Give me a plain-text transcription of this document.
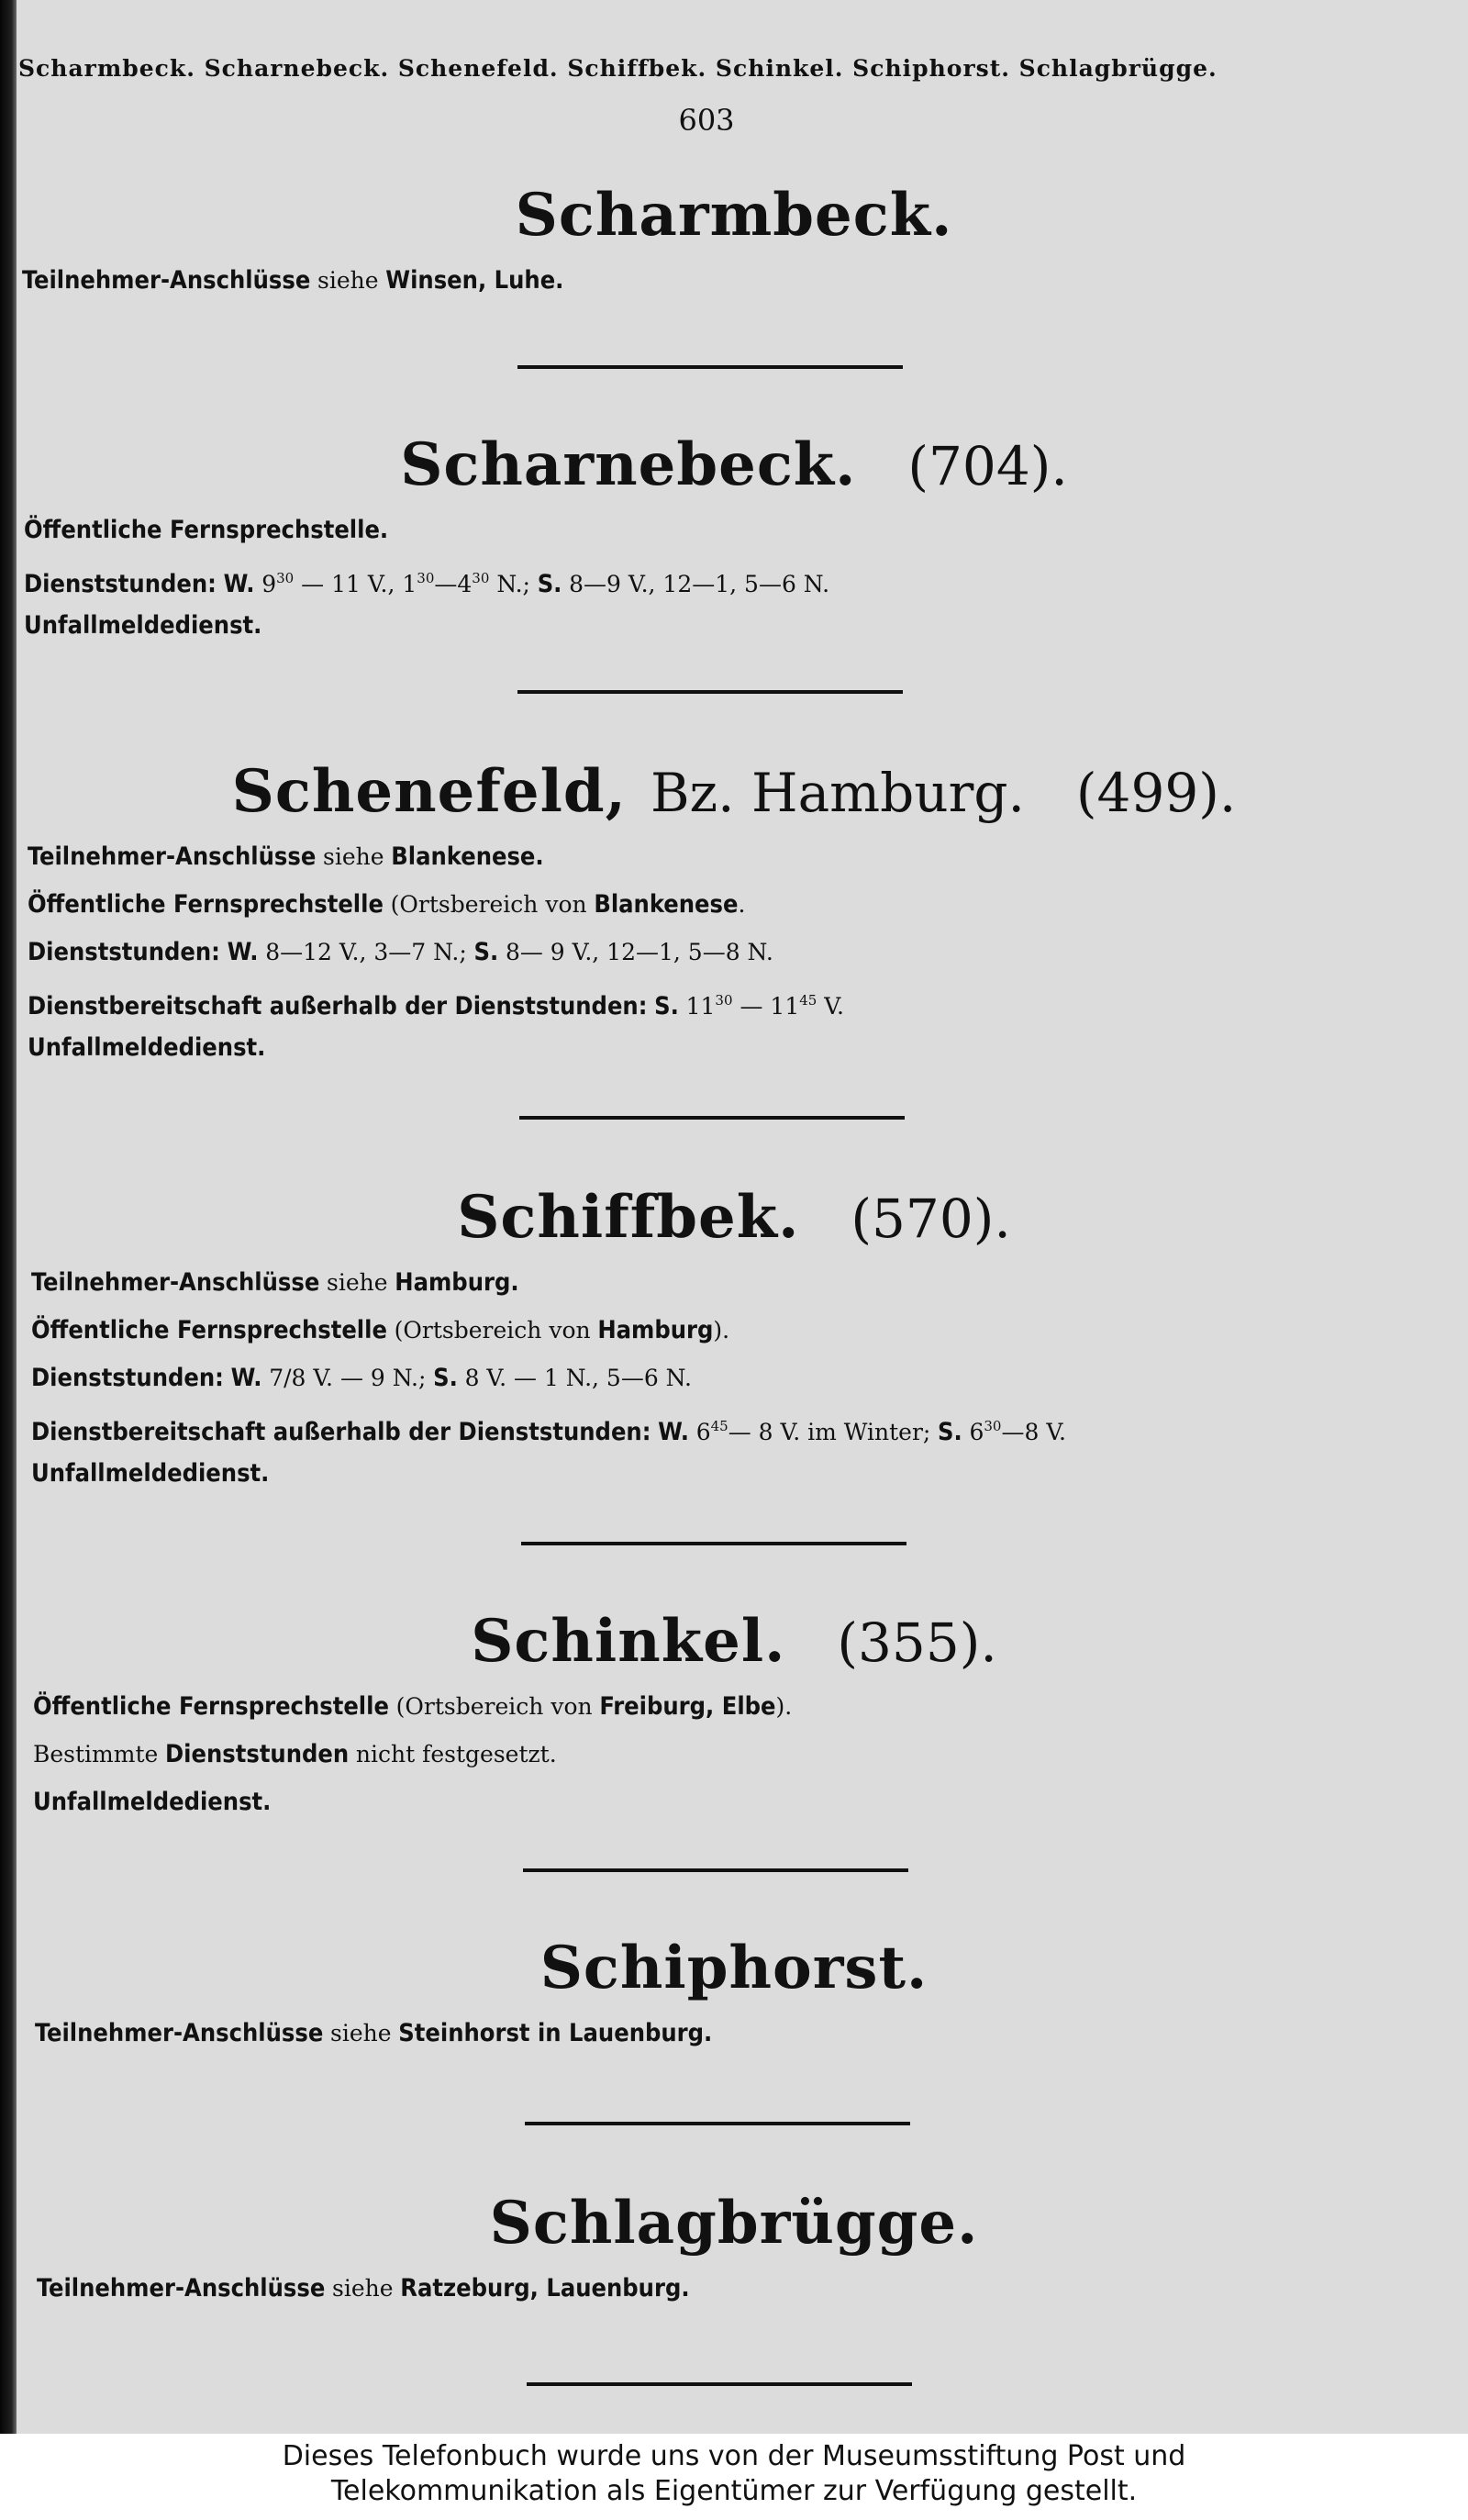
Scharmbeck. Scharnebeck. Schenefeld. Schiffbek. Schinkel. Schiphorst. Schlagbrügge.
603
Scharmbeck.
Teilnehmer-Anschlüsse siehe Winsen, Luhe.
Scharnebeck. (704).
Öffentliche Fernsprechstelle.
Dienststunden: W. $9^{30}$ — 11 V., $1^{30}—4^{30}$ N.; S. 8—9 V., 12—1, 5—6 N.
Unfallmeldedienst.
Schenefeld, Bz. Hamburg. (499).
Teilnehmer-Anschlüsse siehe Blankenese.
Öffentliche Fernsprechstelle (Ortsbereich von Blankenese.
Dienststunden: W. 8—12 V., 3—7 N.; S. 8— 9 V., 12—1, 5—8 N.
Dienstbereitschaft außerhalb der Dienststunden: S. $11^{30}$ — $11^{45}$ V.
Unfallmeldedienst.
Schiffbek. (570).
Teilnehmer-Anschlüsse siehe Hamburg.
Öffentliche Fernsprechstelle (Ortsbereich von Hamburg).
Dienststunden: W. 7/8 V. — 9 N.; S. 8 V. — 1 N., 5—6 N.
Dienstbereitschaft außerhalb der Dienststunden: W. $6^{45}—$ 8 V. im Winter; S. $6^{30}—8$ V.
Unfallmeldedienst.
Schinkel. (355).
Öffentliche Fernsprechstelle (Ortsbereich von Freiburg, Elbe).
Bestimmte Dienststunden nicht festgesetzt.
Unfallmeldedienst.
Schiphorst.
Teilnehmer-Anschlüsse siehe Steinhorst in Lauenburg.
Schlagbrügge.
Teilnehmer-Anschlüsse siehe Ratzeburg, Lauenburg.
Dieses Telefonbuch wurde uns von der Museumsstiftung Post und
Telekommunikation als Eigentümer zur Verfügung gestellt.
